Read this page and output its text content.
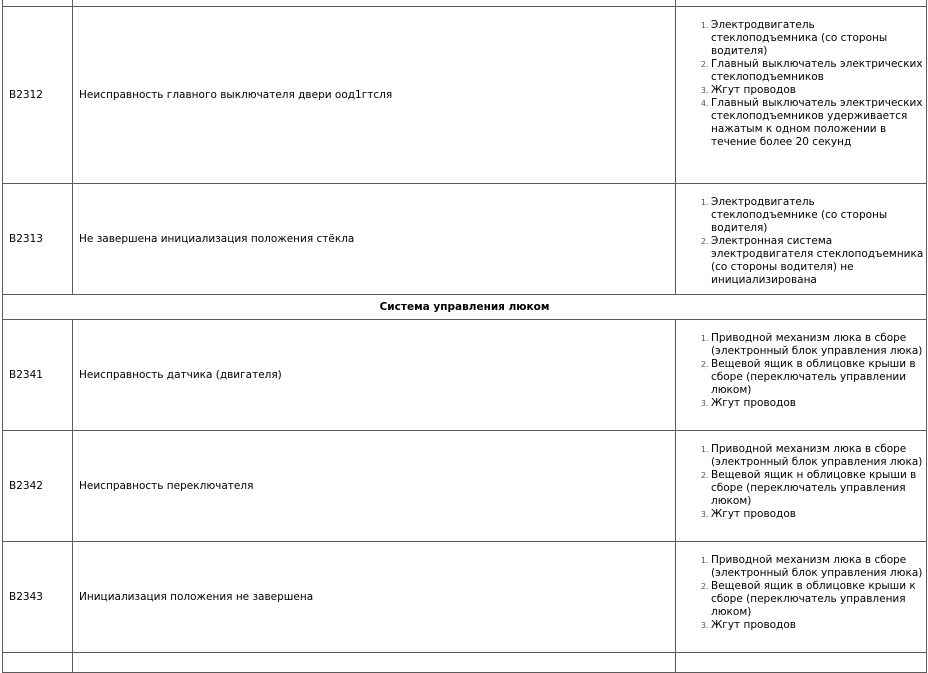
B2312	Неисправность главного выключателя двери оод1гтсля
1. Электродвигатель стеклоподъемника (со стороны водителя)
2. Главный выключатель электрических стеклоподъемников
3. Жгут проводов
4. Главный выключатель электрических стеклоподъемников удерживается нажатым к одном положении в течение более 20 секунд
B2313	Не завершена инициализация положения стёкла
1. Электродвигатель стеклоподъемнике (со стороны водителя)
2. Электронная система электродвигателя стеклоподъемника (со стороны водителя) не инициализирована
Система управления люком
B2341	Неисправность датчика (двигателя)
1. Приводной механизм люка в сборе (электронный блок управления люка)
2. Вещевой ящик в облицовке крыши в сборе (переключатель управлении люком)
3. Жгут проводов
B2342	Неисправность переключателя
1. Приводной механизм люка в сборе (электронный блок управления люка)
2. Вещевой ящик н облицовке крыши в сборе (переключатель управления люком)
3. Жгут проводов
B2343	Инициализация положения не завершена
1. Приводной механизм люка в сборе (электронный блок управления люка)
2. Вещевой ящик в облицовке крыши к сборе (переключатель управления люком)
3. Жгут проводов
